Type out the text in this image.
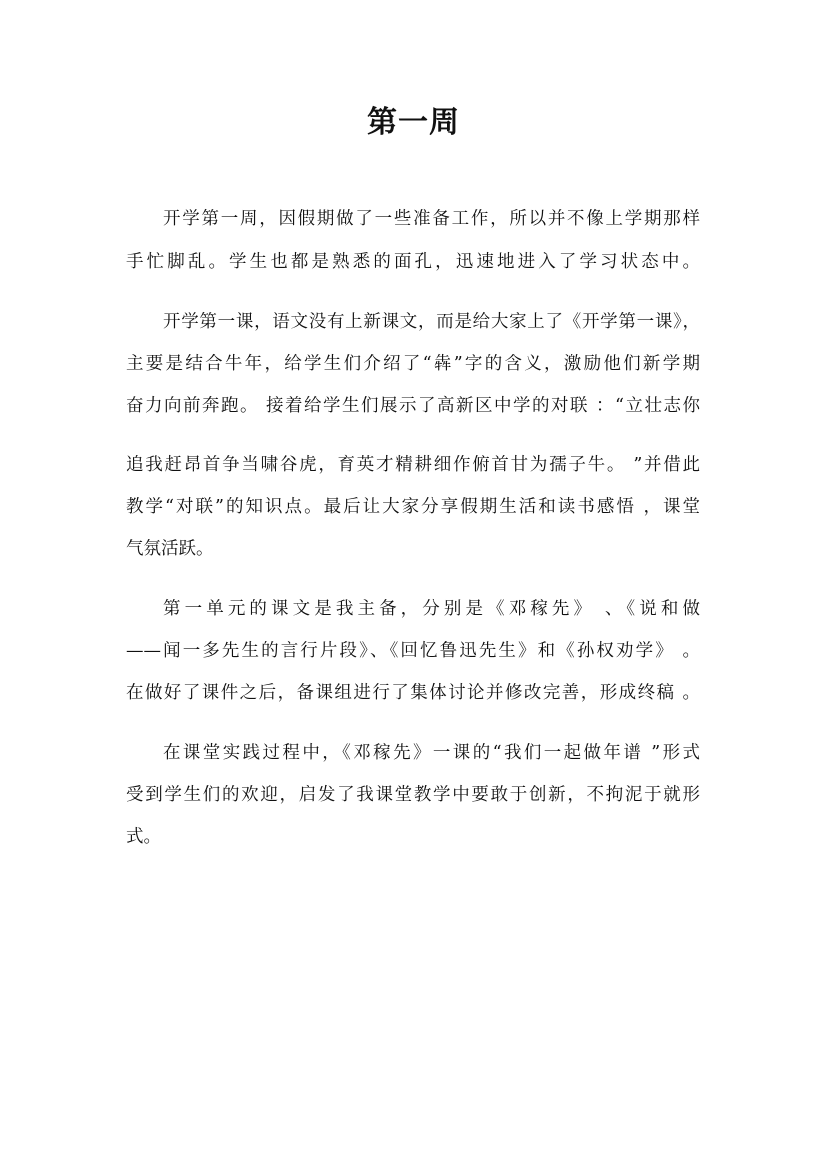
第一周
开学第一周，因假期做了一些准备工作，所以并不像上学期那样
手忙脚乱。学生也都是熟悉的面孔，迅速地进入了学习状态中。
开学第一课，语文没有上新课文，而是给大家上了《开学第一课》，
主要是结合牛年，给学生们介绍了“犇”字的含义，激励他们新学期
奋力向前奔跑。 接着给学生们展示了高新区中学的对联 ：“立壮志你
追我赶昂首争当啸谷虎，育英才精耕细作俯首甘为孺子牛。 ”并借此
教学“对联”的知识点。最后让大家分享假期生活和读书感悟 ，课堂
气氛活跃。
第一单元的课文是我主备，分别是《邓稼先》 、《说和做
——闻一多先生的言行片段》、《回忆鲁迅先生》和《孙权劝学》 。
在做好了课件之后，备课组进行了集体讨论并修改完善，形成终稿 。
在课堂实践过程中，《邓稼先》一课的“我们一起做年谱 ”形式
受到学生们的欢迎，启发了我课堂教学中要敢于创新，不拘泥于就形
式。
